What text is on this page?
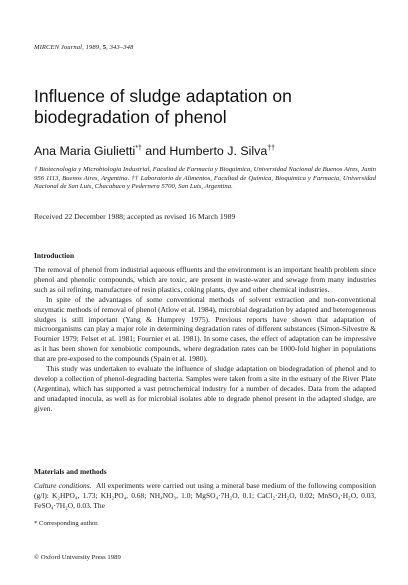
MIRCEN Journal, 1989, 5, 343–348
Influence of sludge adaptation on
biodegradation of phenol
Ana Maria Giulietti*† and Humberto J. Silva††
† Biotecnologia y Microbiologia Industrial, Facultad de Farmacia y Bioquimica, Universidad Nacional de Buenos Aires, Junin 956 1113, Buenos Aires, Argentina. †† Laboratorio de Alimentos, Facultad de Quimica, Bioquimica y Farmacia, Universidad Nacional de San Luis, Chacabuco y Pedernera 5700, San Luis, Argentina.
Received 22 December 1988; accepted as revised 16 March 1989
Introduction

The removal of phenol from industrial aqueous effluents and the environment is an important health problem since phenol and phenolic compounds, which are toxic, are present in waste-water and sewage from many industries such as oil refining, manufacture of resin plastics, coking plants, dye and other chemical industries.

In spite of the advantages of some conventional methods of solvent extraction and non-conventional enzymatic methods of removal of phenol (Atlow et al. 1984), microbial degradation by adapted and heterogeneous sludges is still important (Yang & Humprey 1975). Previous reports have shown that adaptation of microorganisms can play a major role in determining degradation rates of different substances (Simon-Silvestre & Fournier 1979; Felset et al. 1981; Fournier et al. 1981). In some cases, the effect of adaptation can be impressive as it has been shown for xenobiotic compounds, where degradation rates can be 1000-fold higher in populations that are pre-exposed to the compounds (Spain et al. 1980).

This study was undertaken to evaluate the influence of sludge adaptation on biodegradation of phenol and to develop a collection of phenol-degrading bacteria. Samples were taken from a site in the estuary of the River Plate (Argentina), which has supported a vast petrochemical industry for a number of decades. Data from the adapted and unadapted inocula, as well as for microbial isolates able to degrade phenol present in the adapted sludge, are given.

Materials and methods

Culture conditions. All experiments were carried out using a mineral base medium of the following composition (g/l): K₂HPO₄, 1.73; KH₂PO₄, 0.68; NH₄NO₃, 1.0; MgSO₄·7H₂O, 0.1; CaCl₂·2H₂O, 0.02; MnSO₄·H₂O, 0.03, FeSO₄·7H₂O, 0.03. The

* Corresponding author.
© Oxford University Press 1989
